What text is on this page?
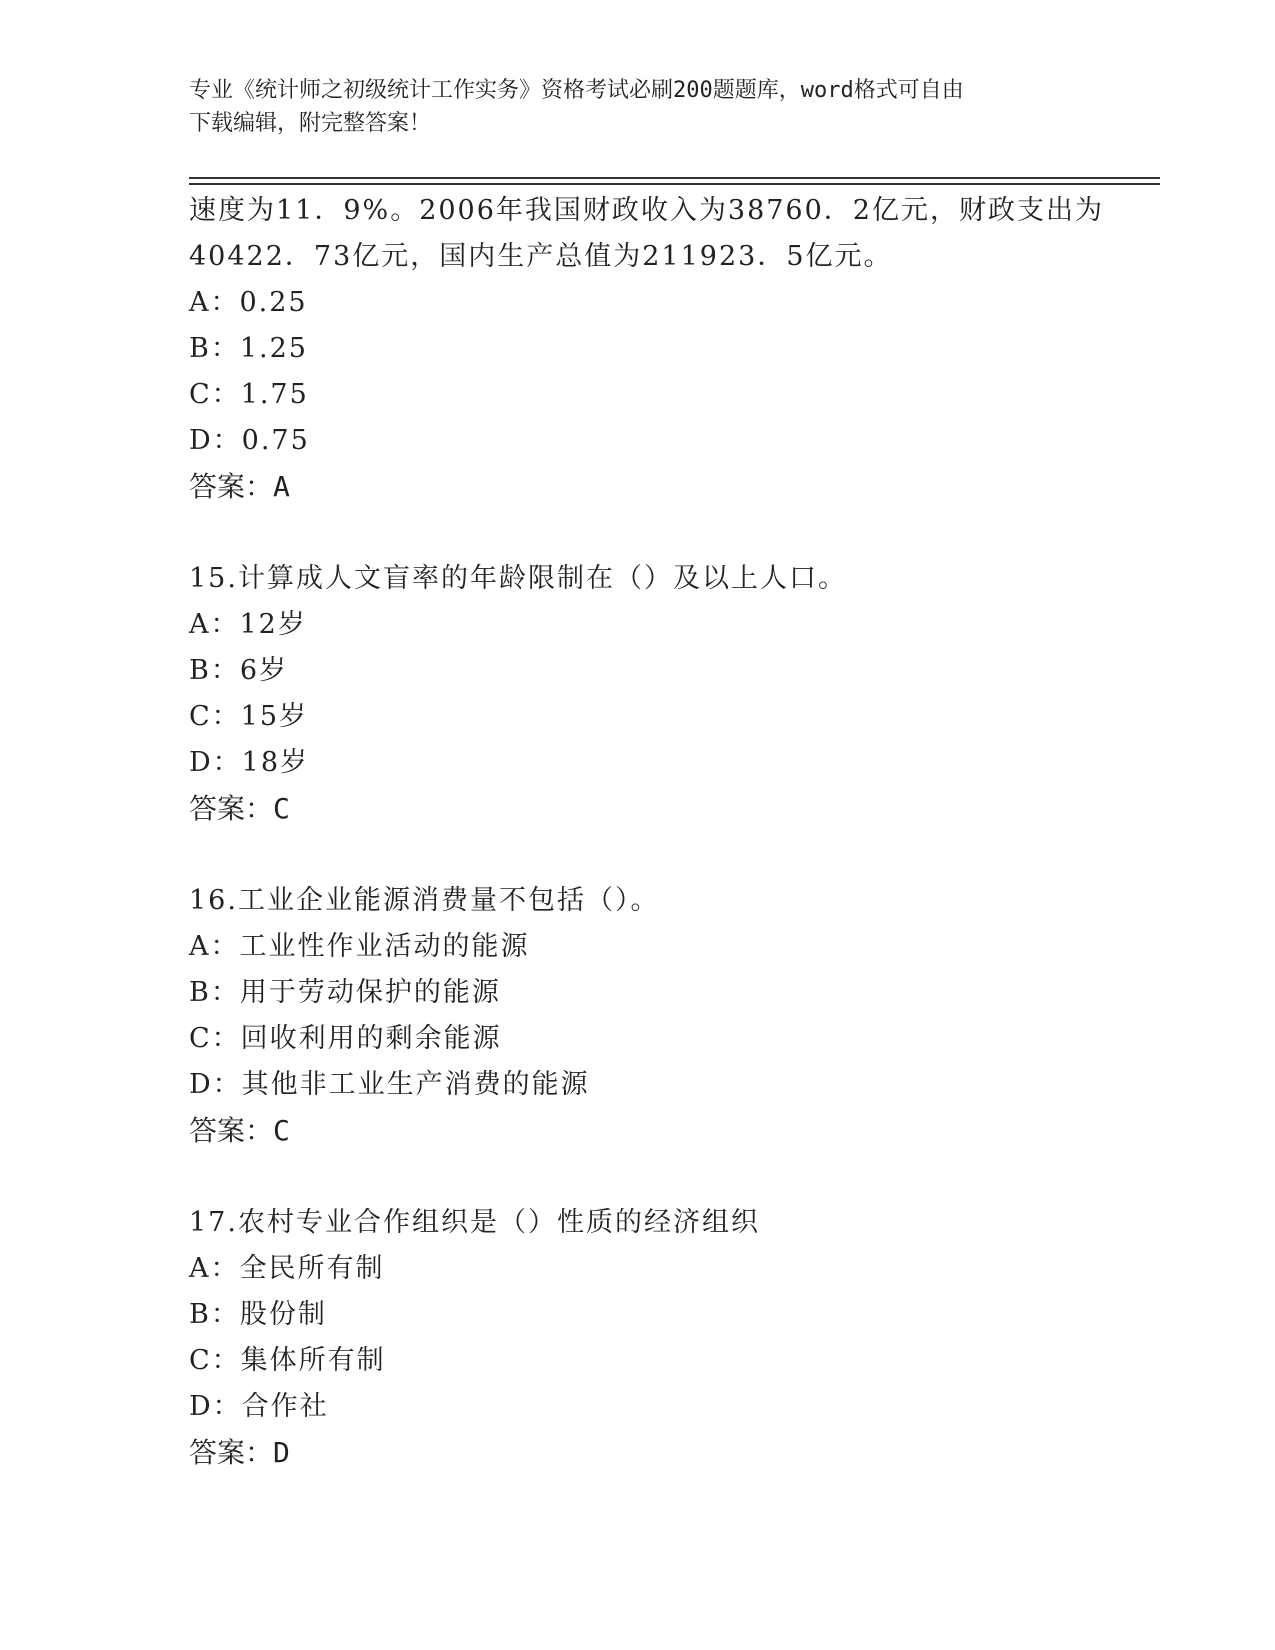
专业《统计师之初级统计工作实务》资格考试必刷200题题库，word格式可自由
下载编辑，附完整答案！
速度为11．9%。2006年我国财政收入为38760．2亿元，财政支出为
40422．73亿元，国内生产总值为211923．5亿元。
A：0.25
B：1.25
C：1.75
D：0.75
答案：A
15.计算成人文盲率的年龄限制在（）及以上人口。
A：12岁
B：6岁
C：15岁
D：18岁
答案：C
16.工业企业能源消费量不包括（）。
A：工业性作业活动的能源
B：用于劳动保护的能源
C：回收利用的剩余能源
D：其他非工业生产消费的能源
答案：C
17.农村专业合作组织是（）性质的经济组织
A：全民所有制
B：股份制
C：集体所有制
D：合作社
答案：D
